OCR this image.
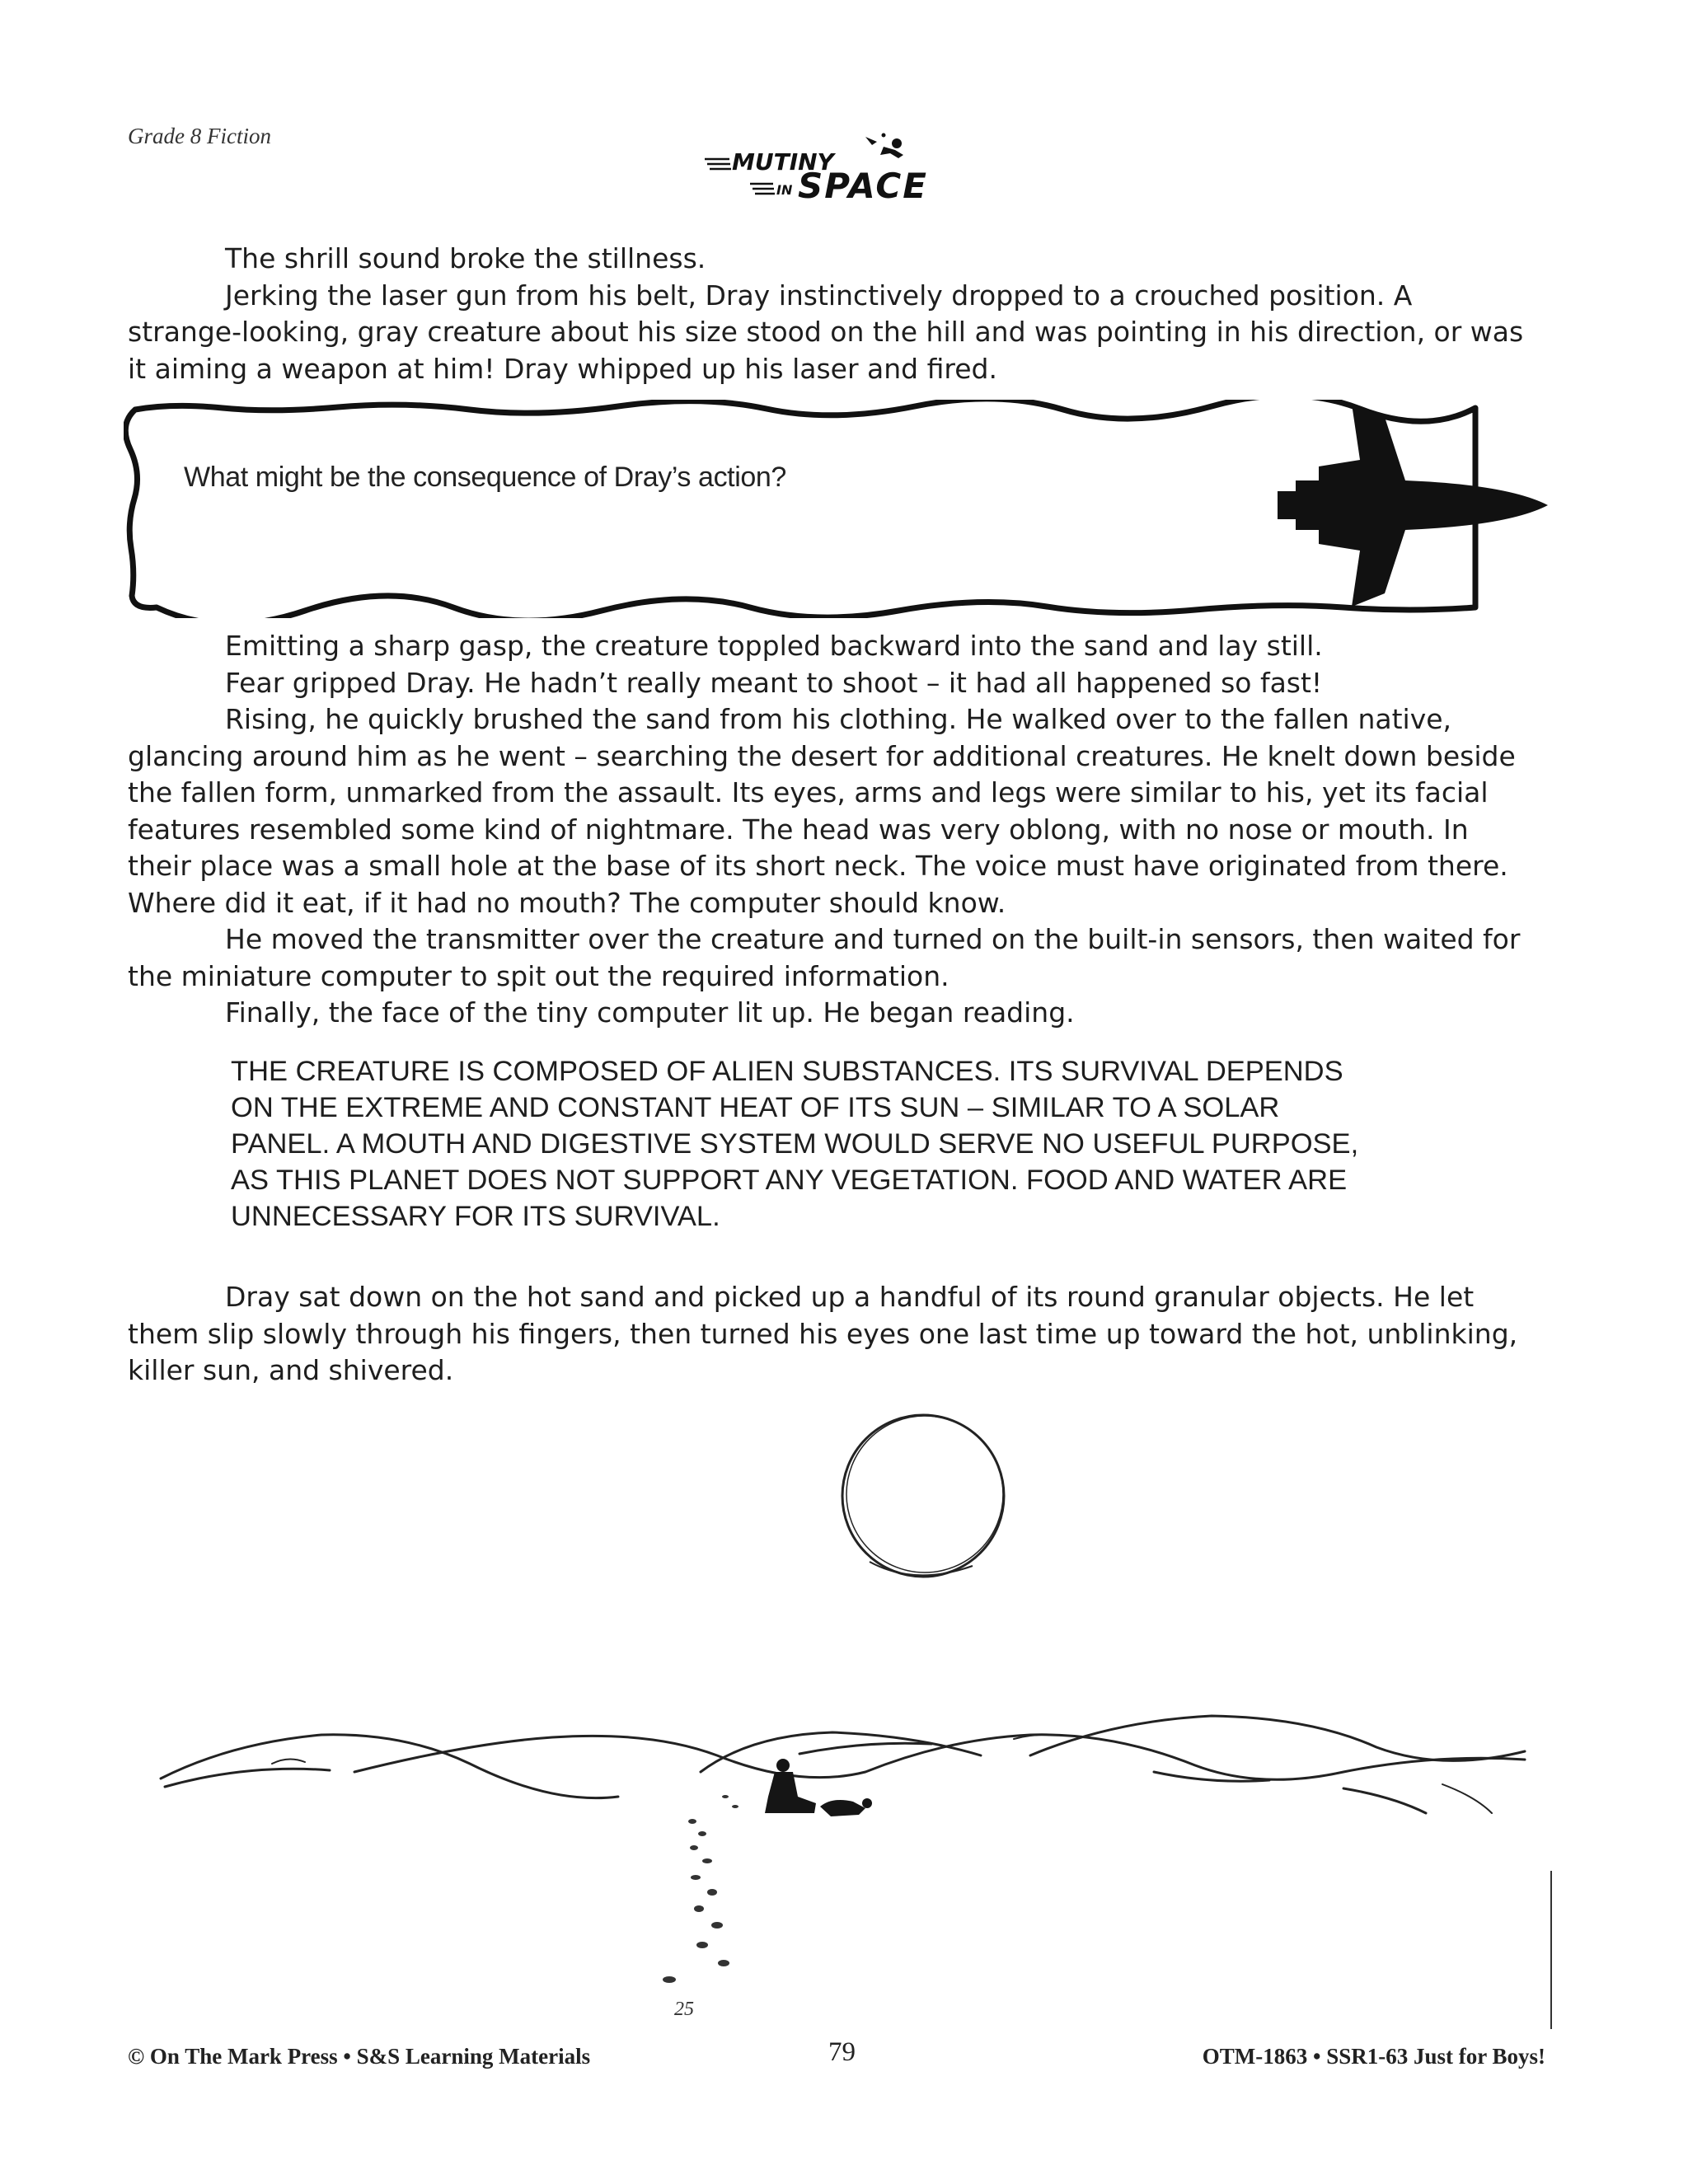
Grade 8 Fiction
MUTINY
IN SPACE

The shrill sound broke the stillness.

Jerking the laser gun from his belt, Dray instinctively dropped to a crouched position. A strange-looking, gray creature about his size stood on the hill and was pointing in his direction, or was it aiming a weapon at him! Dray whipped up his laser and fired.

What might be the consequence of Dray’s action?

Emitting a sharp gasp, the creature toppled backward into the sand and lay still.

Fear gripped Dray. He hadn’t really meant to shoot – it had all happened so fast!

Rising, he quickly brushed the sand from his clothing. He walked over to the fallen native, glancing around him as he went – searching the desert for additional creatures. He knelt down beside the fallen form, unmarked from the assault. Its eyes, arms and legs were similar to his, yet its facial features resembled some kind of nightmare. The head was very oblong, with no nose or mouth. In their place was a small hole at the base of its short neck. The voice must have originated from there. Where did it eat, if it had no mouth? The computer should know.

He moved the transmitter over the creature and turned on the built-in sensors, then waited for the miniature computer to spit out the required information.

Finally, the face of the tiny computer lit up. He began reading.

THE CREATURE IS COMPOSED OF ALIEN SUBSTANCES. ITS SURVIVAL DEPENDS

ON THE EXTREME AND CONSTANT HEAT OF ITS SUN – SIMILAR TO A SOLAR

PANEL. A MOUTH AND DIGESTIVE SYSTEM WOULD SERVE NO USEFUL PURPOSE,

AS THIS PLANET DOES NOT SUPPORT ANY VEGETATION. FOOD AND WATER ARE

UNNECESSARY FOR ITS SURVIVAL.

Dray sat down on the hot sand and picked up a handful of its round granular objects. He let them slip slowly through his fingers, then turned his eyes one last time up toward the hot, unblinking, killer sun, and shivered.

25
© On The Mark Press • S&S Learning Materials	79	OTM-1863 • SSR1-63 Just for Boys!
